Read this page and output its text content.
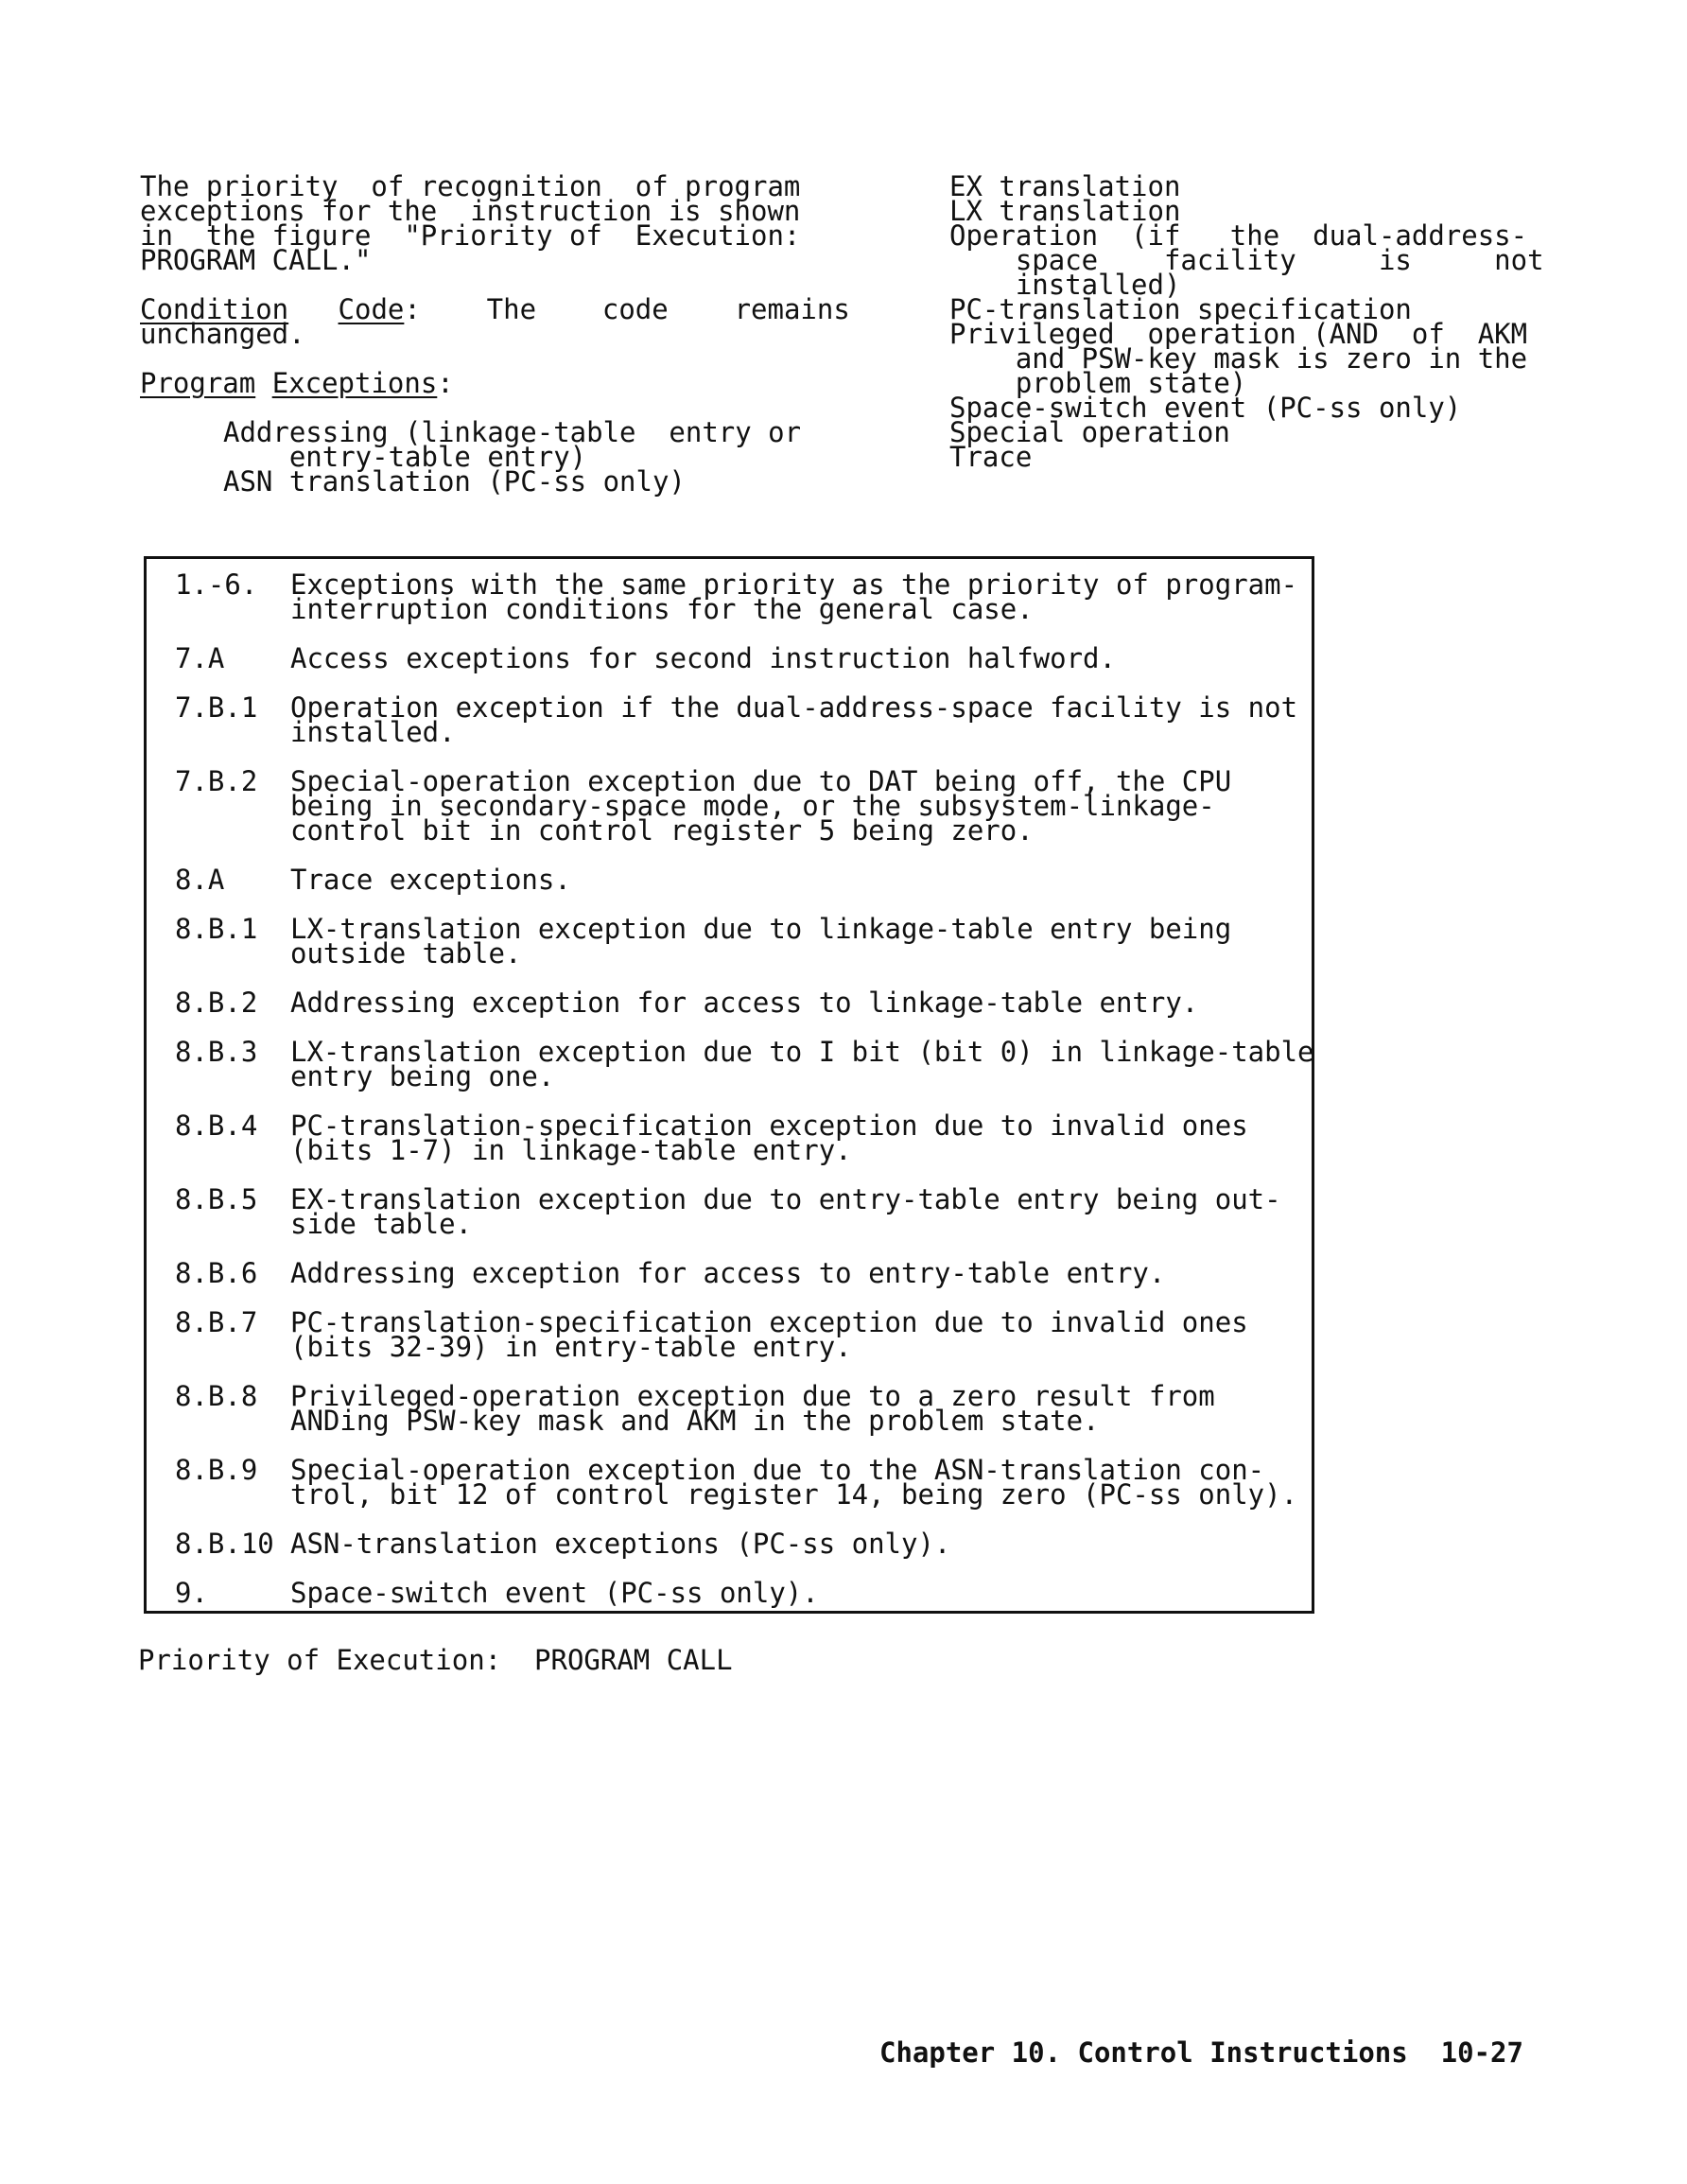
The priority  of recognition  of program
exceptions for the  instruction is shown
in  the figure  "Priority of  Execution:
PROGRAM CALL."
Condition Code:    The    code    remains
unchanged.
Program Exceptions:
Addressing (linkage-table  entry or
entry-table entry)
ASN translation (PC-ss only)
EX translation
LX translation
Operation  (if   the  dual-address-
space    facility     is     not
installed)
PC-translation specification
Privileged  operation (AND  of  AKM
and PSW-key mask is zero in the
problem state)
Space-switch event (PC-ss only)
Special operation
Trace
1.-6.	Exceptions with the same priority as the priority of program-
interruption conditions for the general case.
7.A	Access exceptions for second instruction halfword.
7.B.1	Operation exception if the dual-address-space facility is not
installed.
7.B.2	Special-operation exception due to DAT being off, the CPU
being in secondary-space mode, or the subsystem-linkage-
control bit in control register 5 being zero.
8.A	Trace exceptions.
8.B.1	LX-translation exception due to linkage-table entry being
outside table.
8.B.2	Addressing exception for access to linkage-table entry.
8.B.3	LX-translation exception due to I bit (bit 0) in linkage-table
entry being one.
8.B.4	PC-translation-specification exception due to invalid ones
(bits 1-7) in linkage-table entry.
8.B.5	EX-translation exception due to entry-table entry being out-
side table.
8.B.6	Addressing exception for access to entry-table entry.
8.B.7	PC-translation-specification exception due to invalid ones
(bits 32-39) in entry-table entry.
8.B.8	Privileged-operation exception due to a zero result from
ANDing PSW-key mask and AKM in the problem state.
8.B.9	Special-operation exception due to the ASN-translation con-
trol, bit 12 of control register 14, being zero (PC-ss only).
8.B.10 ASN-translation exceptions (PC-ss only).
9.	Space-switch event (PC-ss only).
Priority of Execution:  PROGRAM CALL
Chapter 10. Control Instructions  10-27
